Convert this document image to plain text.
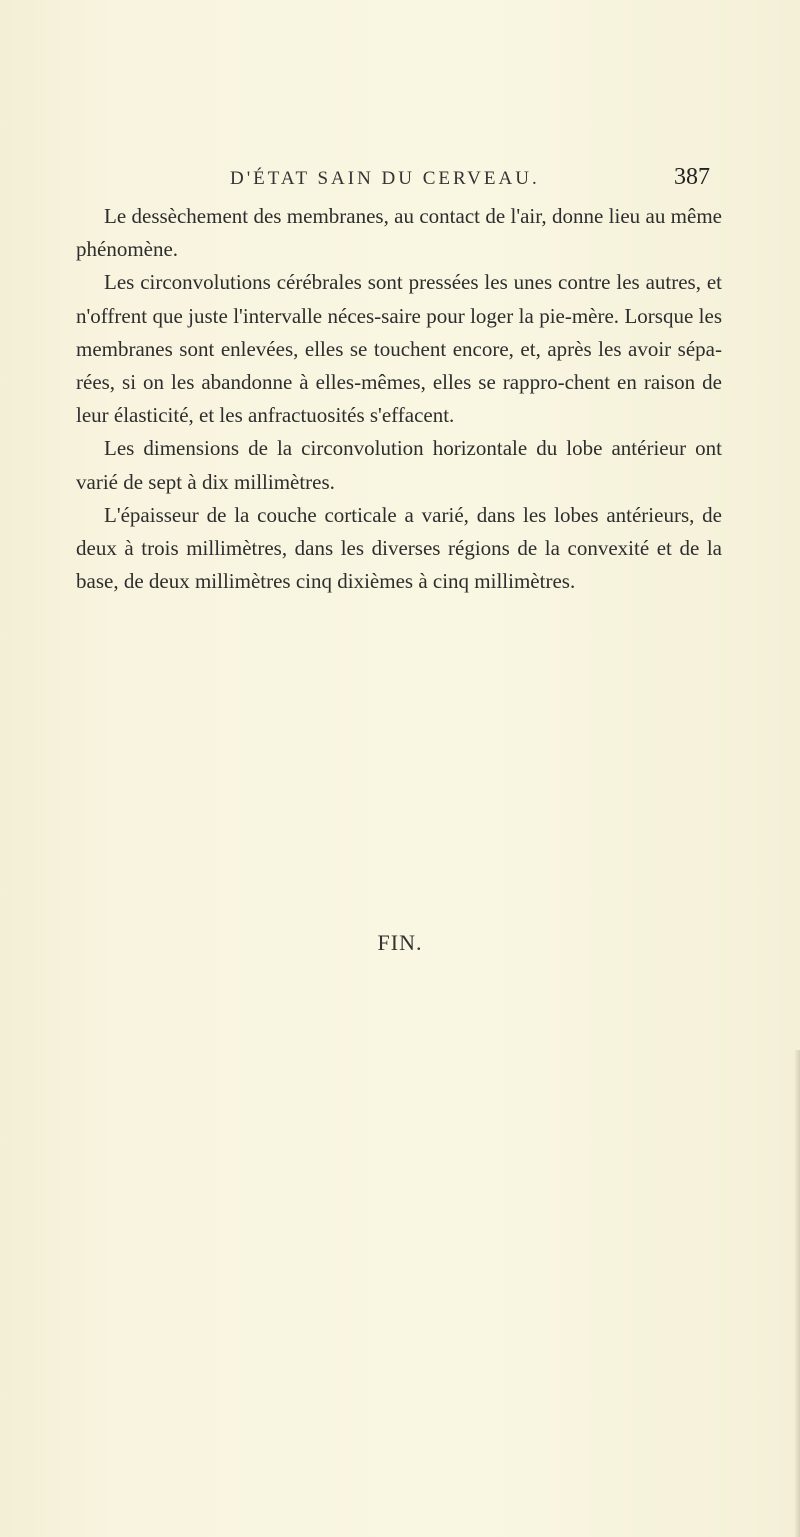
D'ÉTAT SAIN DU CERVEAU.	387

Le dessèchement des membranes, au contact de l'air, donne lieu au même phénomène.

Les circonvolutions cérébrales sont pressées les unes contre les autres, et n'offrent que juste l'intervalle néces-saire pour loger la pie-mère. Lorsque les membranes sont enlevées, elles se touchent encore, et, après les avoir sépa-rées, si on les abandonne à elles-mêmes, elles se rappro-chent en raison de leur élasticité, et les anfractuosités s'effacent.

Les dimensions de la circonvolution horizontale du lobe antérieur ont varié de sept à dix millimètres.

L'épaisseur de la couche corticale a varié, dans les lobes antérieurs, de deux à trois millimètres, dans les diverses régions de la convexité et de la base, de deux millimètres cinq dixièmes à cinq millimètres.

FIN.
